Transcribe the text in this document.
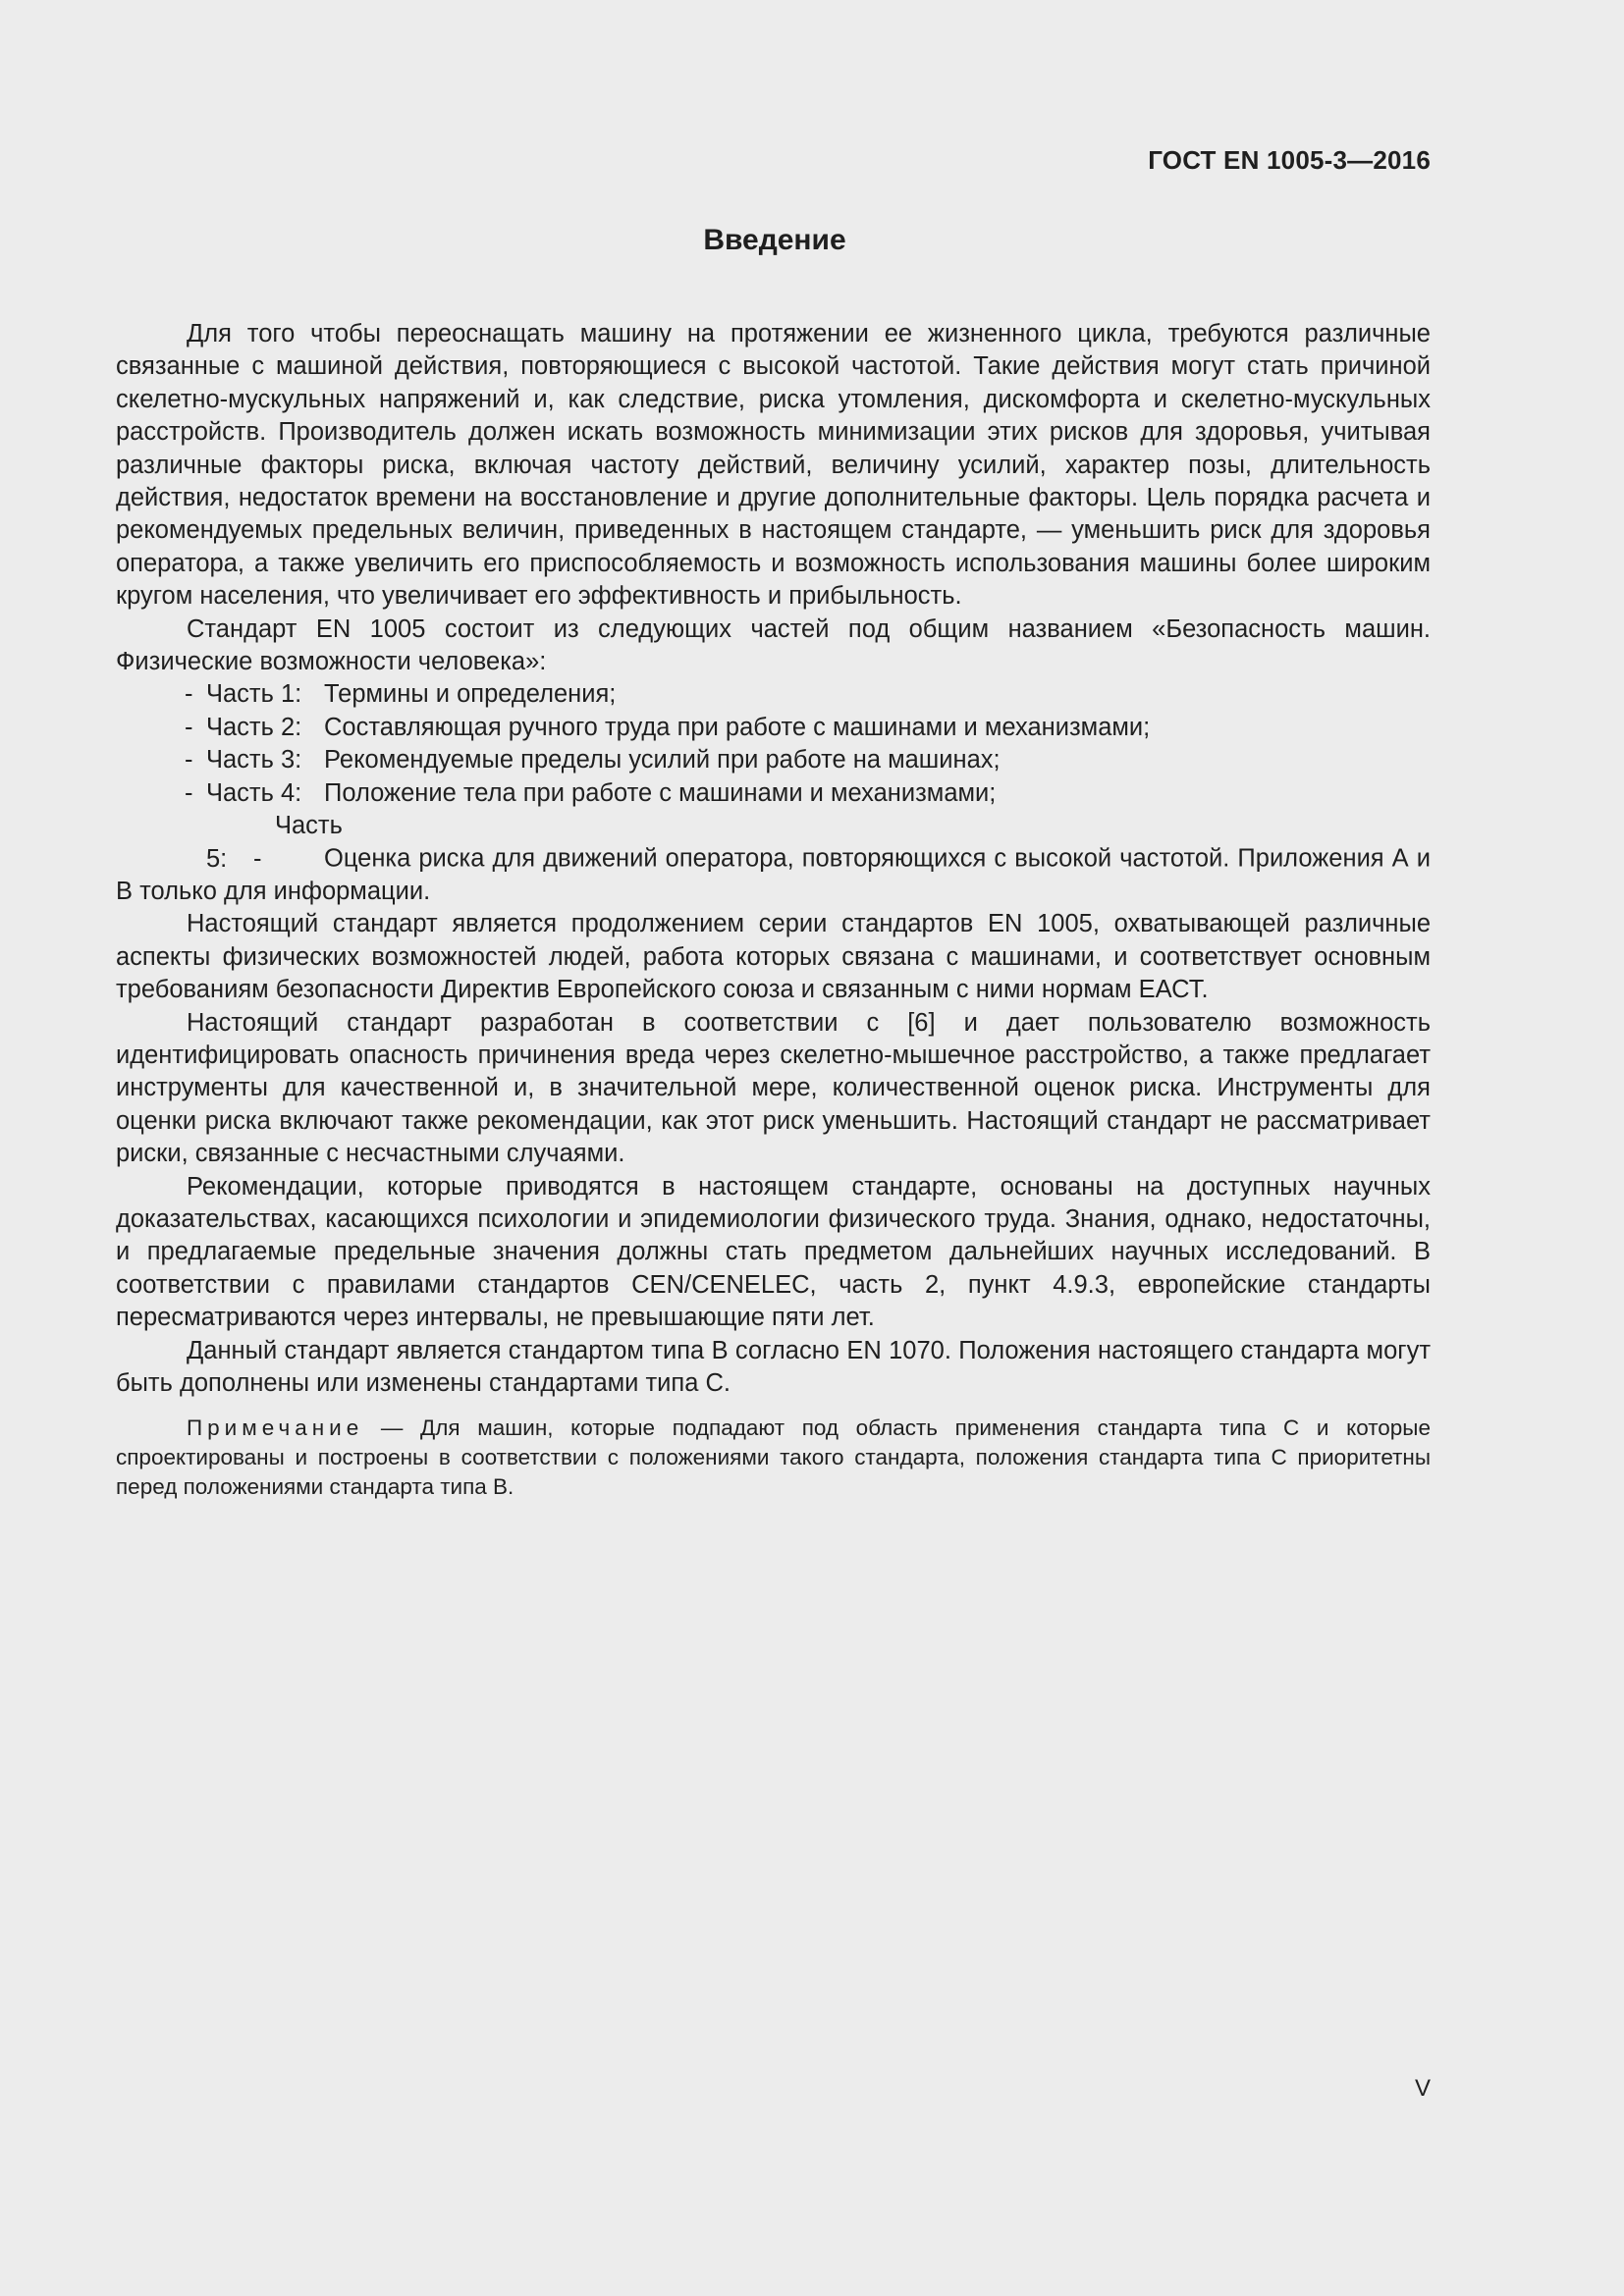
ГОСТ EN 1005-3—2016
Введение

Для того чтобы переоснащать машину на протяжении ее жизненного цикла, требуются различные связанные с машиной действия, повторяющиеся с высокой частотой. Такие действия могут стать причиной скелетно-мускульных напряжений и, как следствие, риска утомления, дискомфорта и скелетно-мускульных расстройств. Производитель должен искать возможность минимизации этих рисков для здоровья, учитывая различные факторы риска, включая частоту действий, величину усилий, характер позы, длительность действия, недостаток времени на восстановление и другие дополнительные факторы. Цель порядка расчета и рекомендуемых предельных величин, приведенных в настоящем стандарте, — уменьшить риск для здоровья оператора, а также увеличить его приспособляемость и возможность использования машины более широким кругом населения, что увеличивает его эффективность и прибыльность.

Стандарт EN 1005 состоит из следующих частей под общим названием «Безопасность машин. Физические возможности человека»:

- Часть 1: Термины и определения;
- Часть 2: Составляющая ручного труда при работе с машинами и механизмами;
- Часть 3: Рекомендуемые пределы усилий при работе на машинах;
- Часть 4: Положение тела при работе с машинами и механизмами;
-Часть 5:	Оценка риска для движений оператора, повторяющихся с высокой частотой. Приложения А и В только для информации.

Настоящий стандарт является продолжением серии стандартов EN 1005, охватывающей различные аспекты физических возможностей людей, работа которых связана с машинами, и соответствует основным требованиям безопасности Директив Европейского союза и связанным с ними нормам ЕАСТ.

Настоящий стандарт разработан в соответствии с [6] и дает пользователю возможность идентифицировать опасность причинения вреда через скелетно-мышечное расстройство, а также предлагает инструменты для качественной и, в значительной мере, количественной оценок риска. Инструменты для оценки риска включают также рекомендации, как этот риск уменьшить. Настоящий стандарт не рассматривает риски, связанные с несчастными случаями.

Рекомендации, которые приводятся в настоящем стандарте, основаны на доступных научных доказательствах, касающихся психологии и эпидемиологии физического труда. Знания, однако, недостаточны, и предлагаемые предельные значения должны стать предметом дальнейших научных исследований. В соответствии с правилами стандартов CEN/CENELEC, часть 2, пункт 4.9.3, европейские стандарты пересматриваются через интервалы, не превышающие пяти лет.

Данный стандарт является стандартом типа В согласно EN 1070. Положения настоящего стандарта могут быть дополнены или изменены стандартами типа С.

Примечание — Для машин, которые подпадают под область применения стандарта типа С и которые спроектированы и построены в соответствии с положениями такого стандарта, положения стандарта типа С приоритетны перед положениями стандарта типа В.
V
